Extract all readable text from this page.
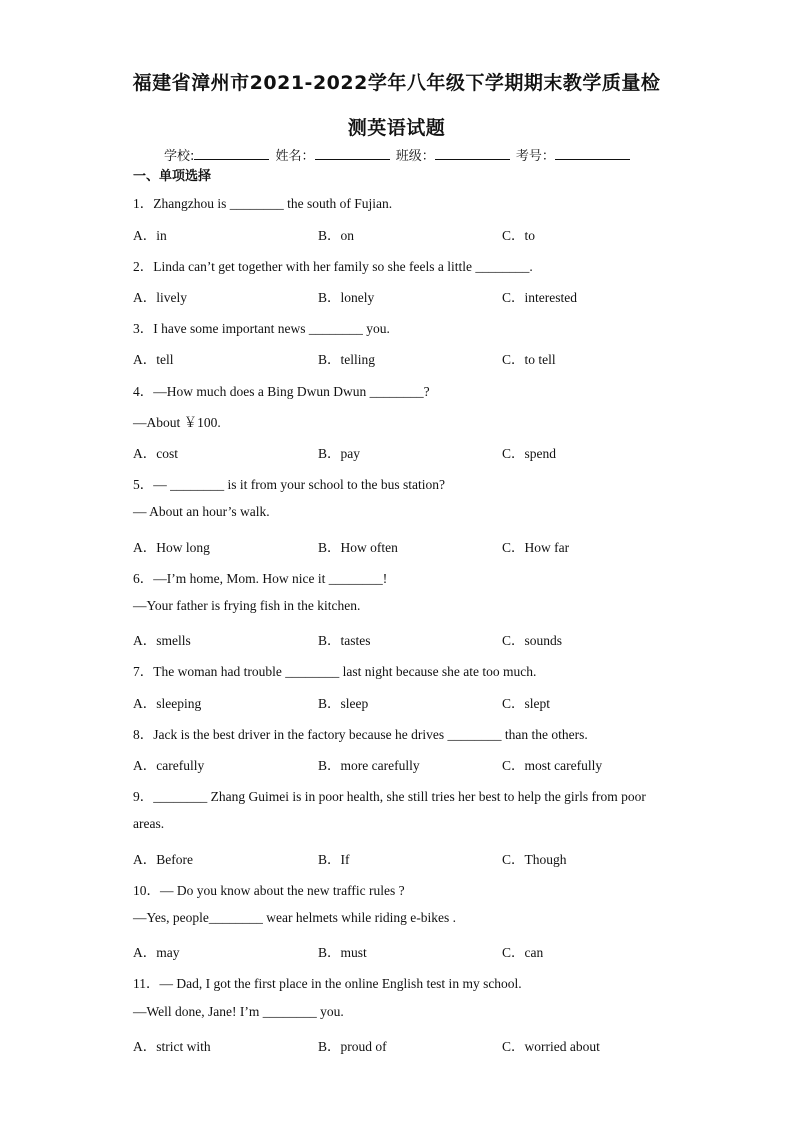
福建省漳州市2021-2022学年八年级下学期期末教学质量检
测英语试题
学校:	姓名：	班级：	考号：
一、单项选择
1．Zhangzhou is ________ the south of Fujian.
A．in	B．on	C．to
2．Linda can’t get together with her family so she feels a little ________.
A．lively	B．lonely	C．interested
3．I have some important news ________ you.
A．tell	B．telling	C．to tell
4．—How much does a Bing Dwun Dwun ________?
—About ￥100.
A．cost	B．pay	C．spend
5．— ________ is it from your school to the bus station?
— About an hour’s walk.
A．How long	B．How often	C．How far
6．—I’m home, Mom. How nice it ________!
—Your father is frying fish in the kitchen.
A．smells	B．tastes	C．sounds
7．The woman had trouble ________ last night because she ate too much.
A．sleeping	B．sleep	C．slept
8．Jack is the best driver in the factory because he drives ________ than the others.
A．carefully	B．more carefully	C．most carefully
9．________ Zhang Guimei is in poor health, she still tries her best to help the girls from poor
areas.
A．Before	B．If	C．Though
10．— Do you know about the new traffic rules ?
—Yes, people________ wear helmets while riding e-bikes .
A．may	B．must	C．can
11．— Dad, I got the first place in the online English test in my school.
—Well done, Jane! I’m ________ you.
A．strict with	B．proud of	C．worried about
